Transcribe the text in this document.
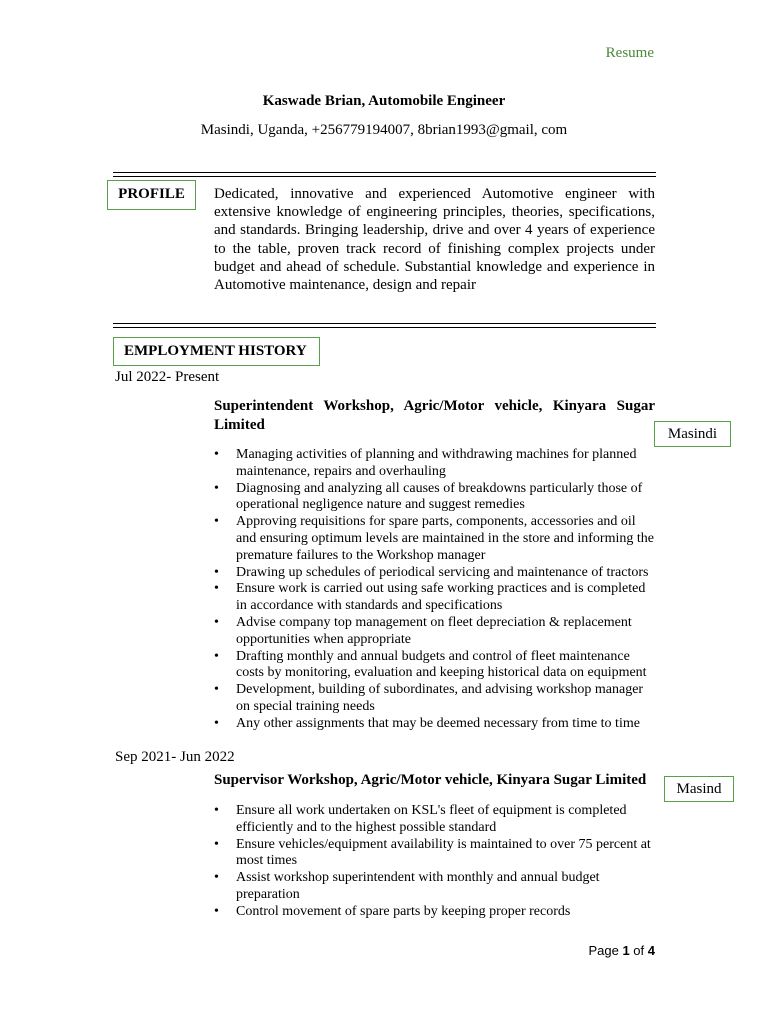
Resume
Kaswade Brian, Automobile Engineer
Masindi, Uganda, +256779194007, 8brian1993@gmail, com
PROFILE	Dedicated, innovative and experienced Automotive engineer with extensive knowledge of engineering principles, theories, specifications, and standards. Bringing leadership, drive and over 4 years of experience to the table, proven track record of finishing complex projects under budget and ahead of schedule. Substantial knowledge and experience in Automotive maintenance, design and repair
EMPLOYMENT HISTORY
Jul 2022- Present
Superintendent Workshop, Agric/Motor vehicle, Kinyara Sugar Limited
Masindi
• Managing activities of planning and withdrawing machines for planned maintenance, repairs and overhauling
• Diagnosing and analyzing all causes of breakdowns particularly those of operational negligence nature and suggest remedies
• Approving requisitions for spare parts, components, accessories and oil and ensuring optimum levels are maintained in the store and informing the premature failures to the Workshop manager
• Drawing up schedules of periodical servicing and maintenance of tractors
• Ensure work is carried out using safe working practices and is completed in accordance with standards and specifications
• Advise company top management on fleet depreciation & replacement opportunities when appropriate
• Drafting monthly and annual budgets and control of fleet maintenance costs by monitoring, evaluation and keeping historical data on equipment
• Development, building of subordinates, and advising workshop manager on special training needs
• Any other assignments that may be deemed necessary from time to time
Sep 2021- Jun 2022
Supervisor Workshop, Agric/Motor vehicle, Kinyara Sugar Limited
Masind
• Ensure all work undertaken on KSL's fleet of equipment is completed efficiently and to the highest possible standard
• Ensure vehicles/equipment availability is maintained to over 75 percent at most times
• Assist workshop superintendent with monthly and annual budget preparation
• Control movement of spare parts by keeping proper records
Page 1 of 4
